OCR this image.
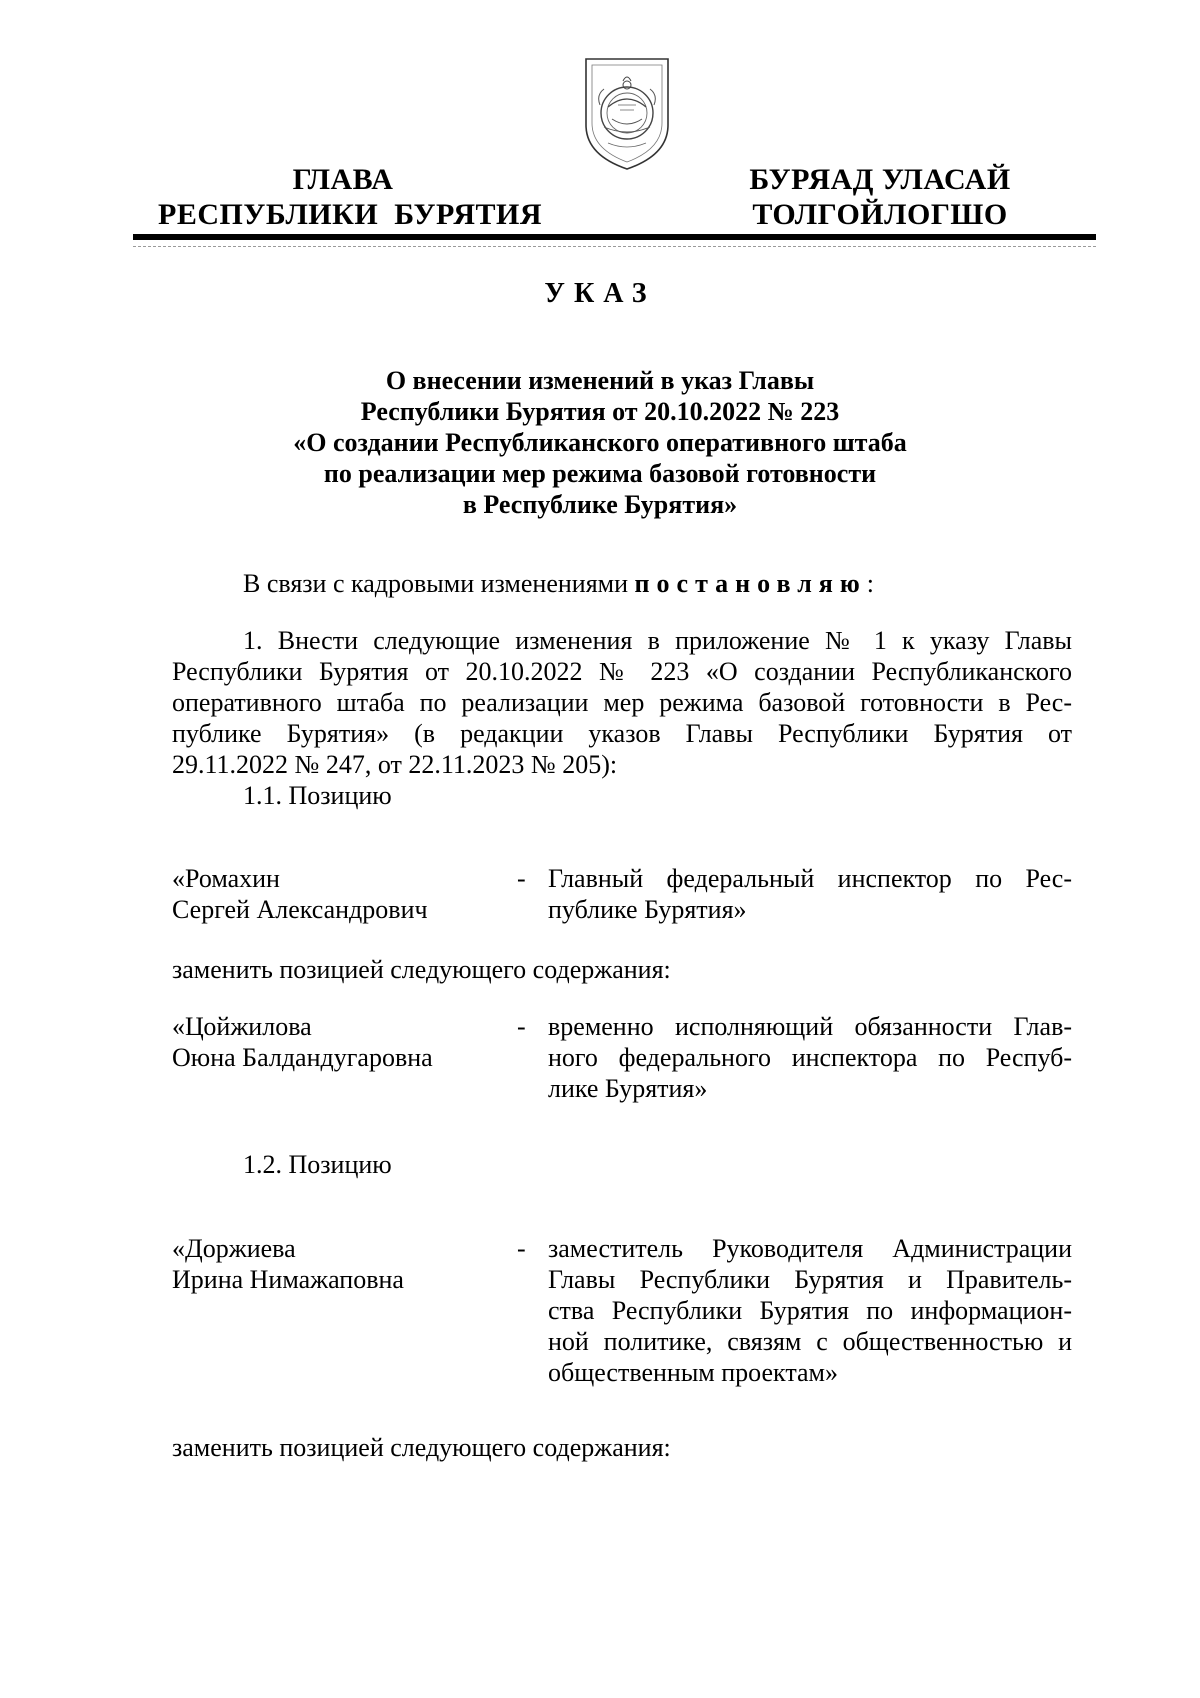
ГЛАВА
РЕСПУБЛИКИ  БУРЯТИЯ
БУРЯАД УЛАСАЙ
ТОЛГОЙЛОГШО
УКАЗ
О внесении изменений в указ Главы
Республики Бурятия от 20.10.2022 № 223
«О создании Республиканского оперативного штаба
по реализации мер режима базовой готовности
в Республике Бурятия»
В связи с кадровыми изменениями постановляю:
1. Внести следующие изменения в приложение № 1 к указу Главы
Республики Бурятия от 20.10.2022 № 223 «О создании Республиканского
оперативного штаба по реализации мер режима базовой готовности в Рес-
публике Бурятия» (в редакции указов Главы Республики Бурятия от
29.11.2022 № 247, от 22.11.2023 № 205):
1.1. Позицию
«Ромахин
Сергей Александрович
- Главный федеральный инспектор по Рес-
публике Бурятия»
заменить позицией следующего содержания:
«Цойжилова
Оюна Балдандугаровна
- временно исполняющий обязанности Глав-
ного федерального инспектора по Респуб-
лике Бурятия»
1.2. Позицию
«Доржиева
Ирина Нимажаповна
- заместитель Руководителя Администрации
Главы Республики Бурятия и Правитель-
ства Республики Бурятия по информацион-
ной политике, связям с общественностью и
общественным проектам»
заменить позицией следующего содержания:
